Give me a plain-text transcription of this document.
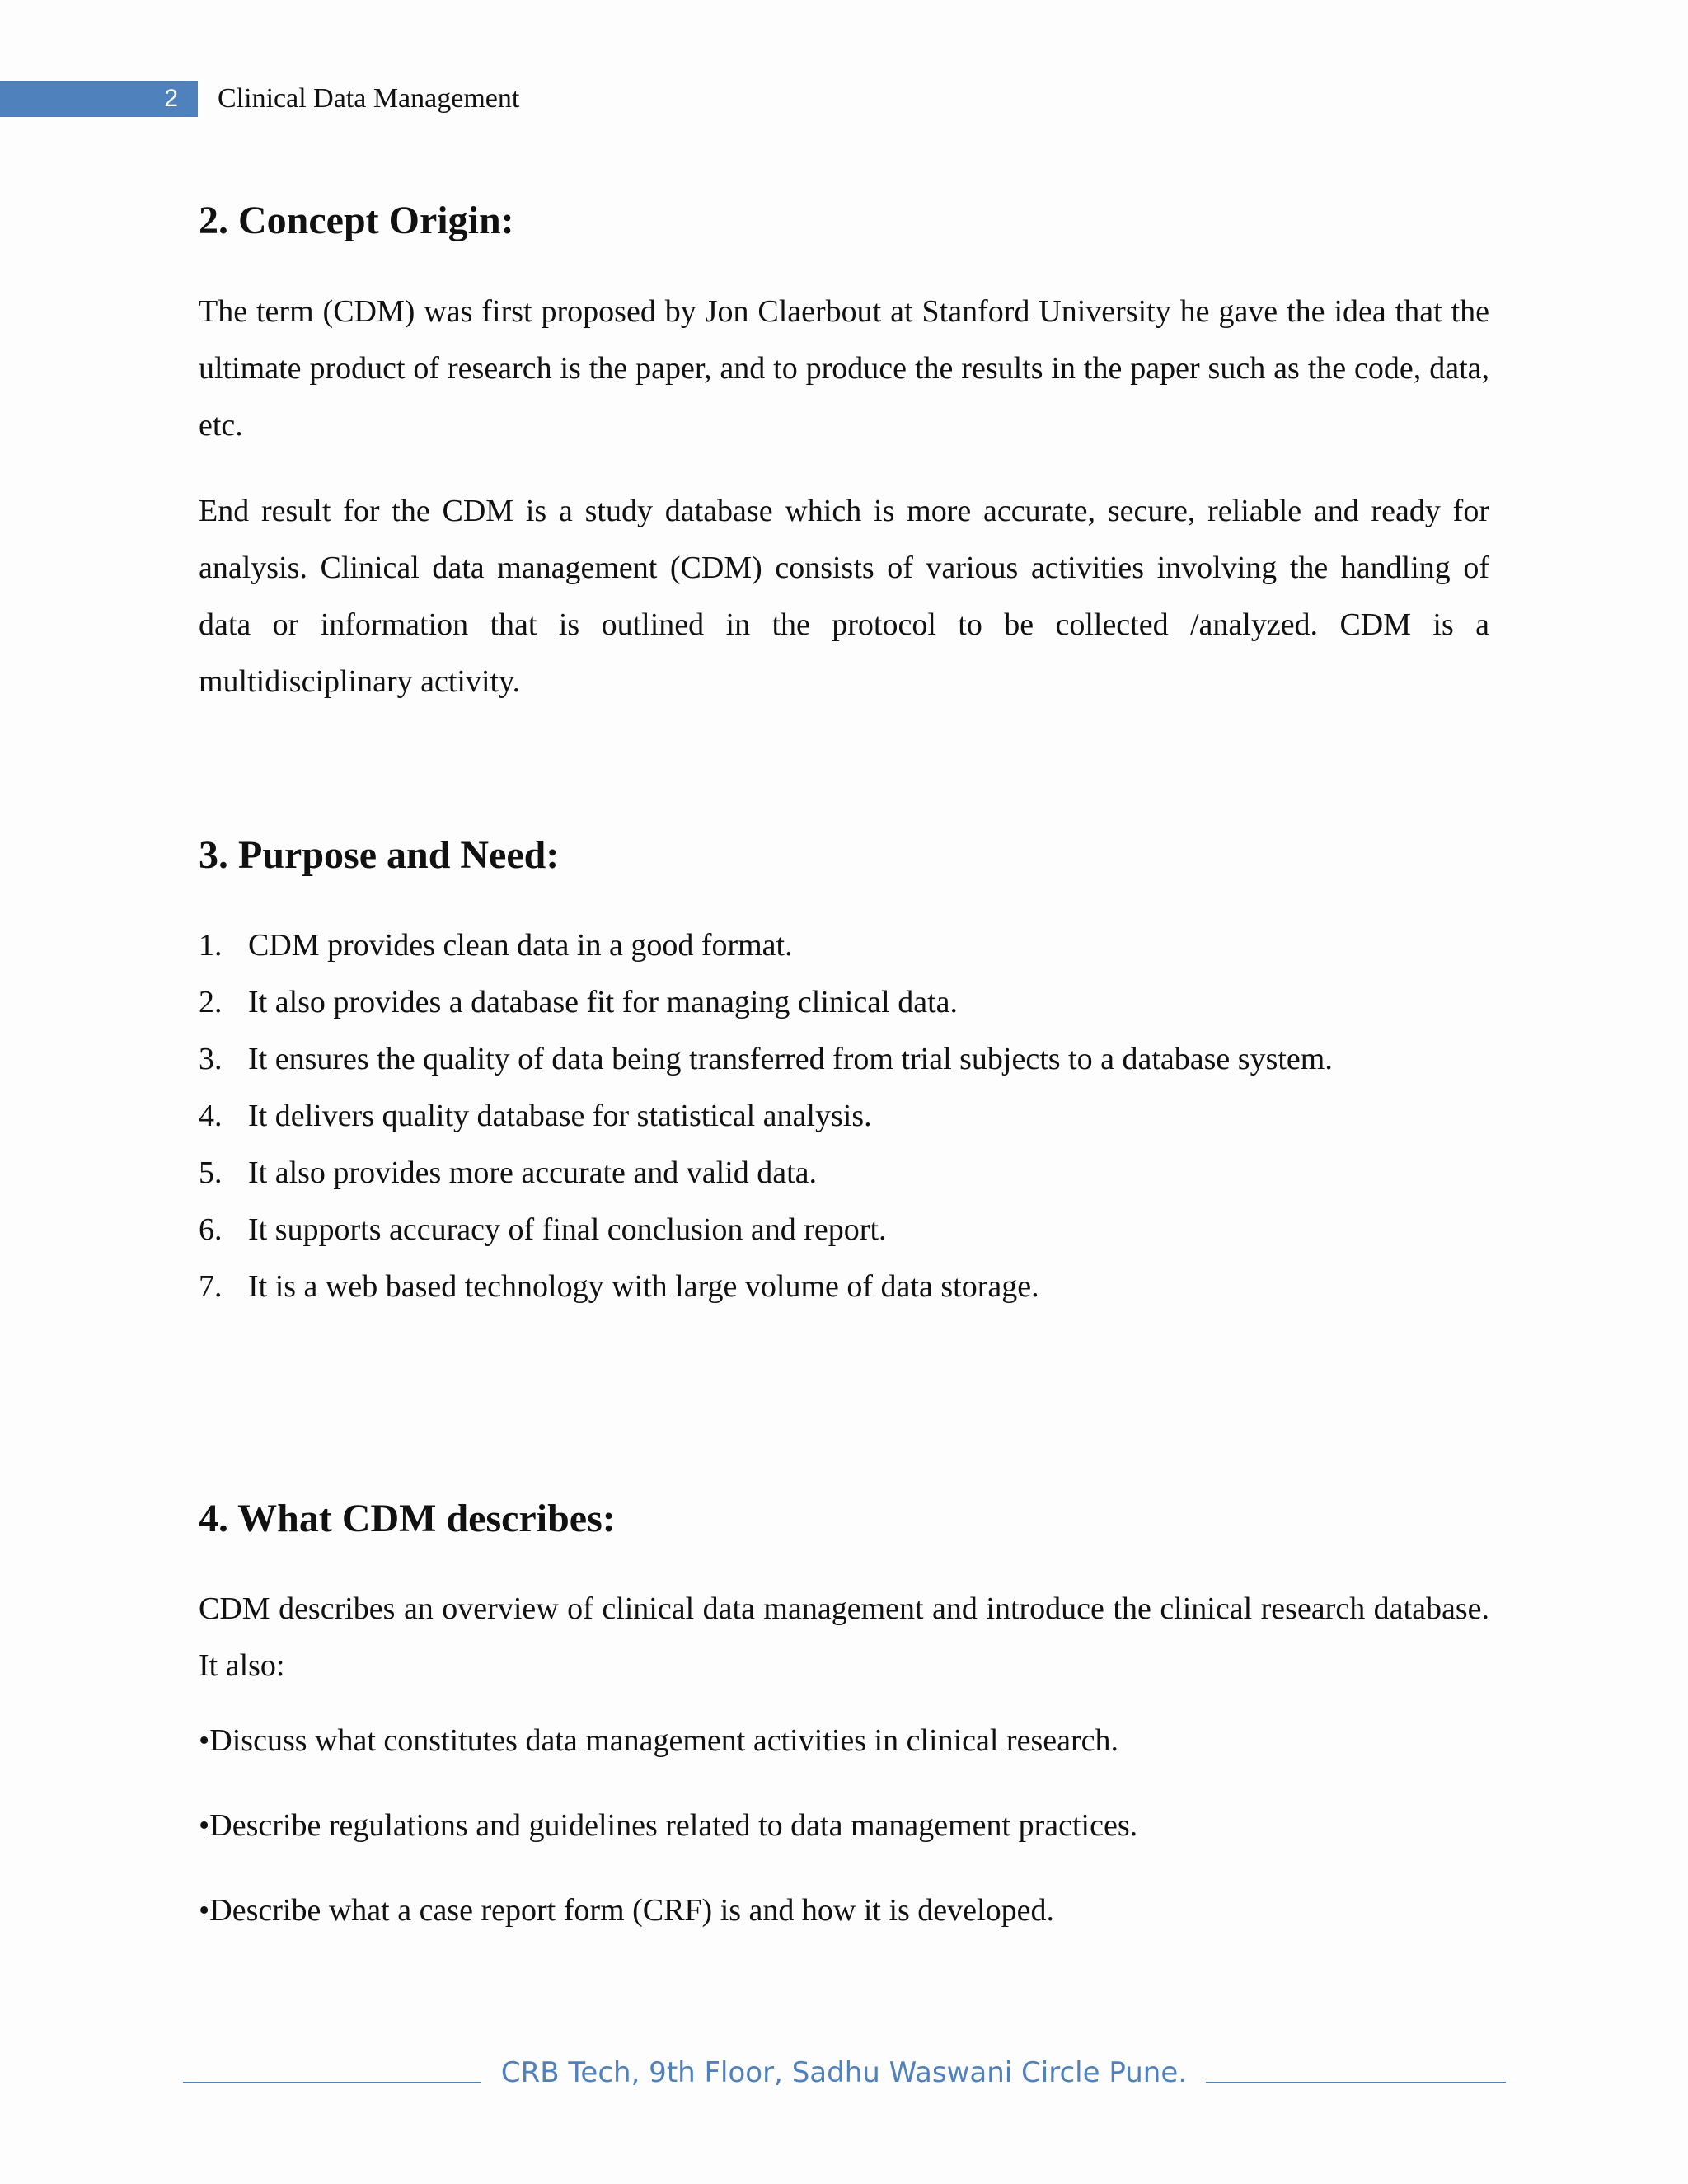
2	Clinical Data Management
2. Concept Origin:

The term (CDM) was first proposed by Jon Claerbout at Stanford University he gave the idea that the ultimate product of research is the paper, and to produce the results in the paper such as the code, data, etc.

End result for the CDM is a study database which is more accurate, secure, reliable and ready for analysis. Clinical data management (CDM) consists of various activities involving the handling of data or information that is outlined in the protocol to be collected /analyzed. CDM is a multidisciplinary activity.

3. Purpose and Need:
1. CDM provides clean data in a good format.
2. It also provides a database fit for managing clinical data.
3. It ensures the quality of data being transferred from trial subjects to a database system.
4. It delivers quality database for statistical analysis.
5. It also provides more accurate and valid data.
6. It supports accuracy of final conclusion and report.
7. It is a web based technology with large volume of data storage.
4. What CDM describes:

CDM describes an overview of clinical data management and introduce the clinical research database. It also:

•Discuss what constitutes data management activities in clinical research.

•Describe regulations and guidelines related to data management practices.

•Describe what a case report form (CRF) is and how it is developed.

CRB Tech, 9th Floor, Sadhu Waswani Circle Pune.
